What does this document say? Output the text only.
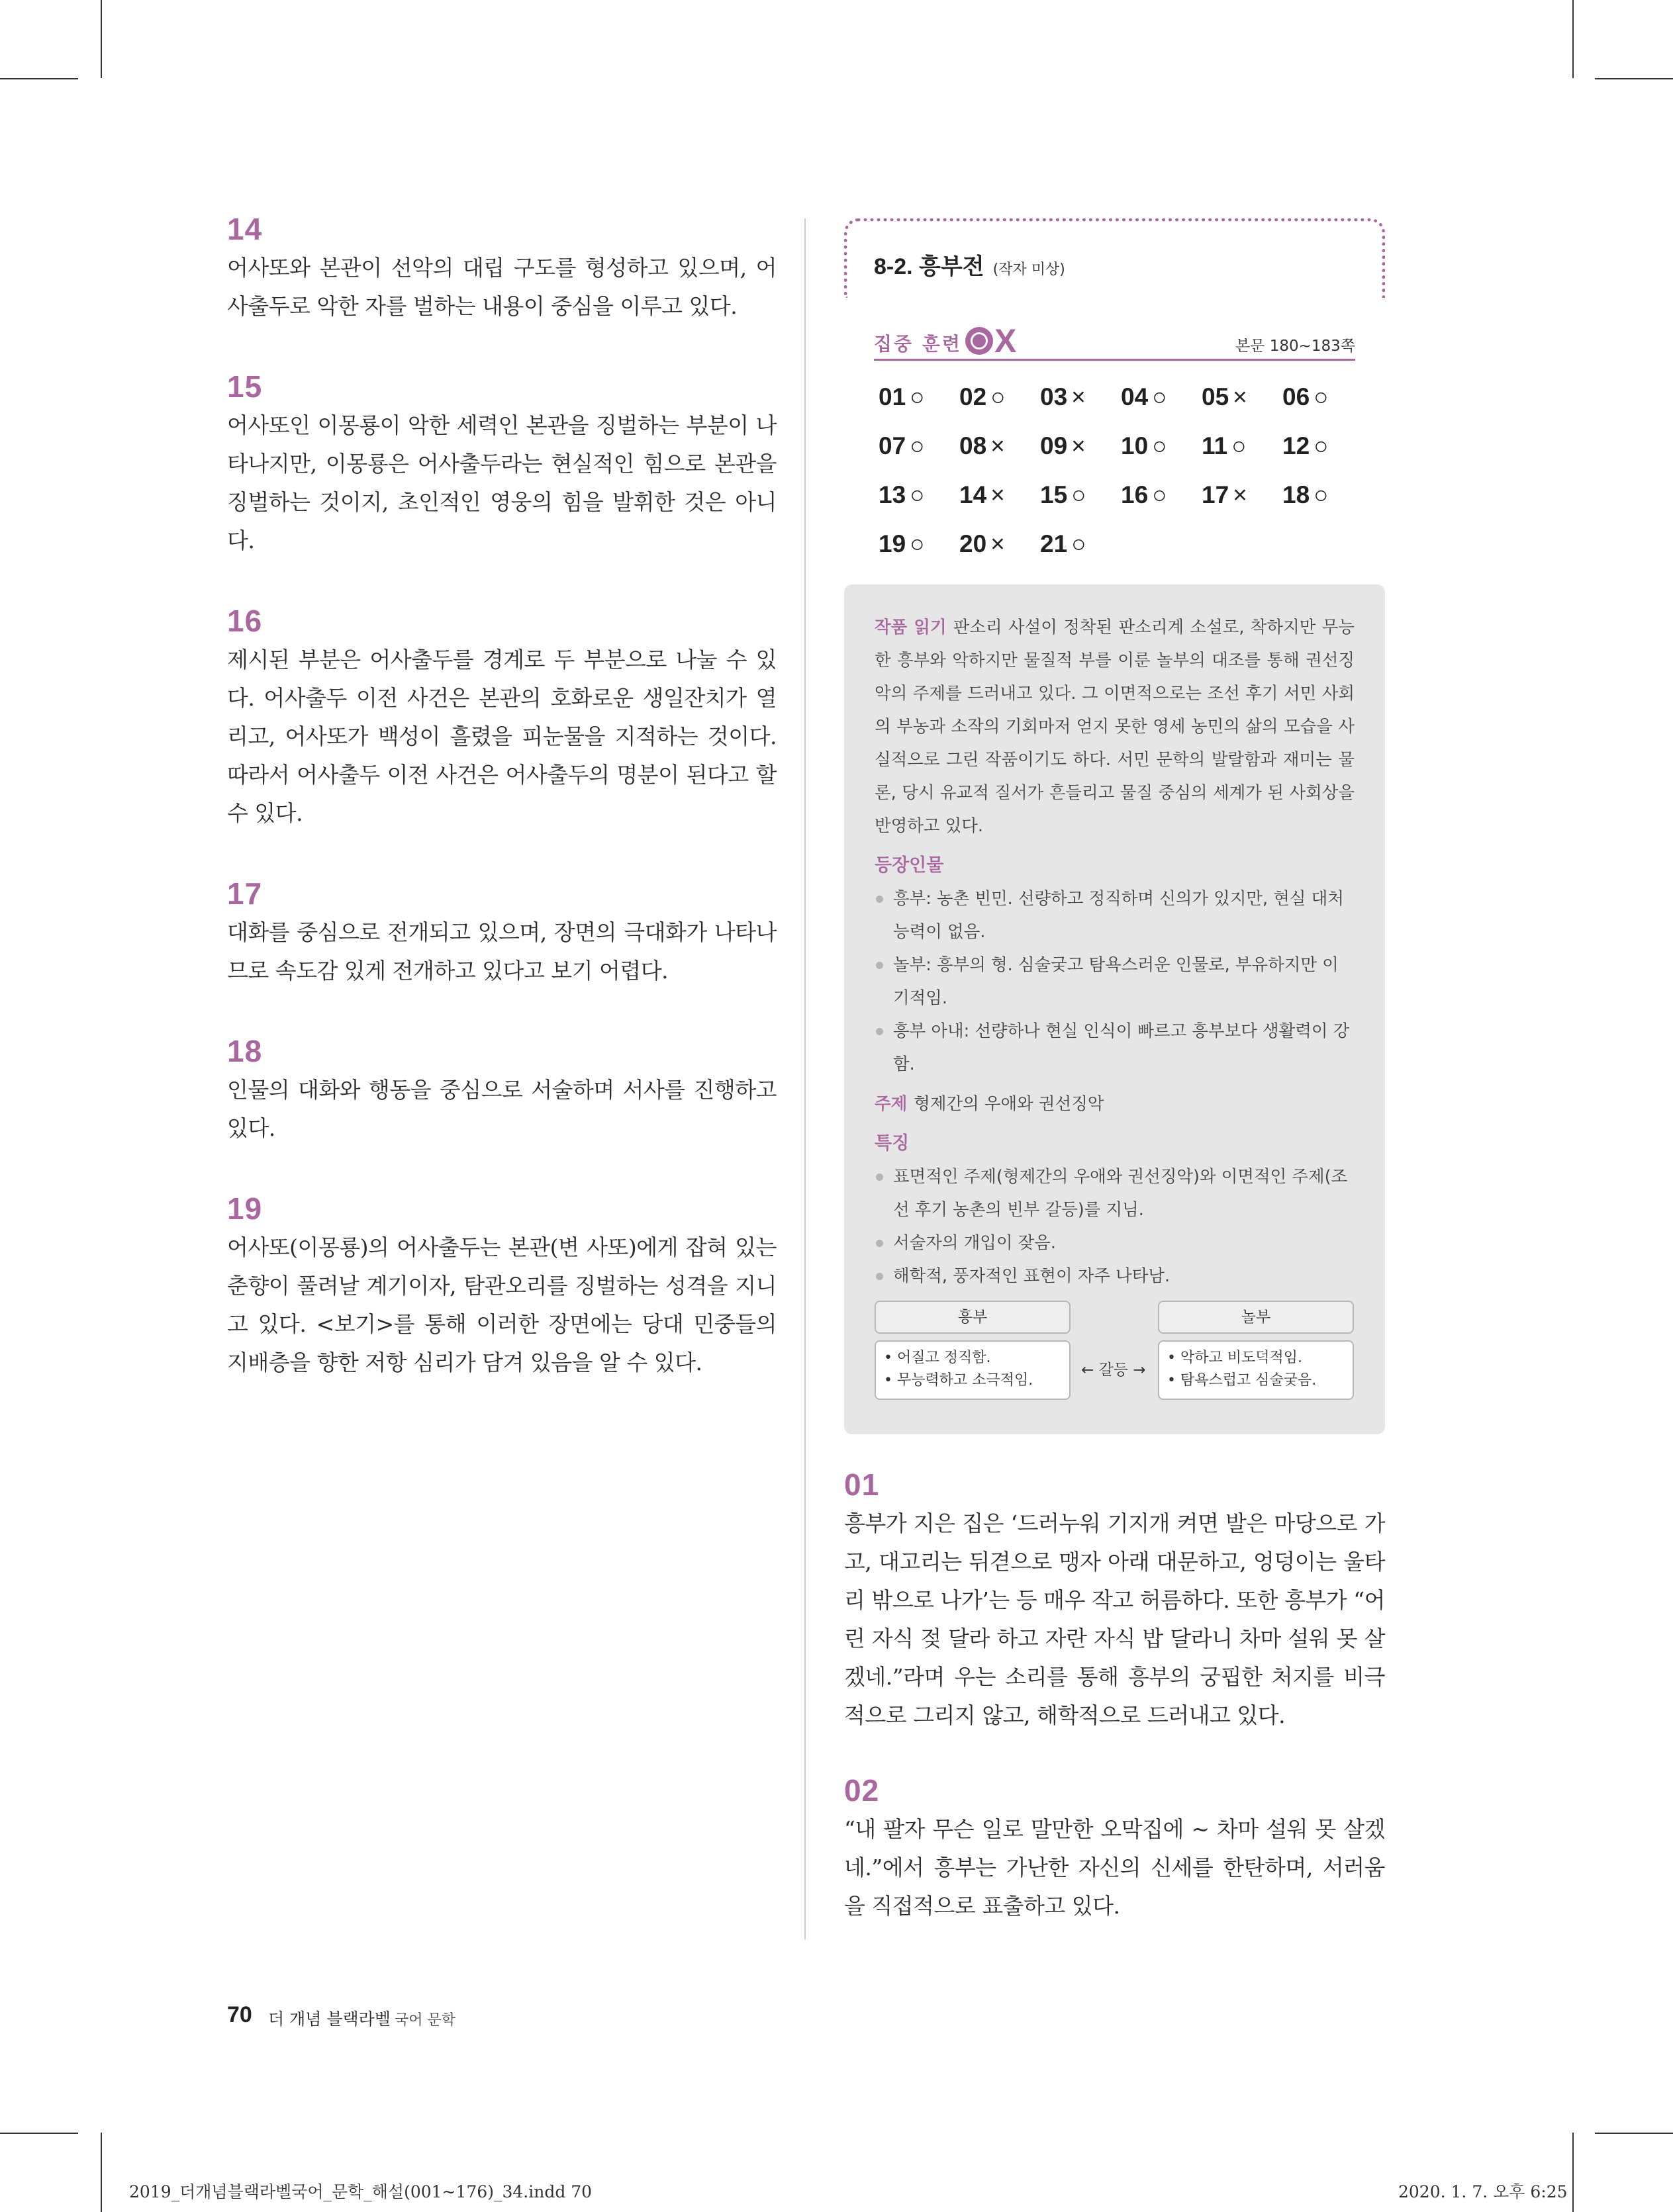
14

어사또와 본관이 선악의 대립 구도를 형성하고 있으며, 어사출두로 악한 자를 벌하는 내용이 중심을 이루고 있다.

15

어사또인 이몽룡이 악한 세력인 본관을 징벌하는 부분이 나타나지만, 이몽룡은 어사출두라는 현실적인 힘으로 본관을 징벌하는 것이지, 초인적인 영웅의 힘을 발휘한 것은 아니다.

16

제시된 부분은 어사출두를 경계로 두 부분으로 나눌 수 있다. 어사출두 이전 사건은 본관의 호화로운 생일잔치가 열리고, 어사또가 백성이 흘렸을 피눈물을 지적하는 것이다. 따라서 어사출두 이전 사건은 어사출두의 명분이 된다고 할 수 있다.

17

대화를 중심으로 전개되고 있으며, 장면의 극대화가 나타나므로 속도감 있게 전개하고 있다고 보기 어렵다.

18

인물의 대화와 행동을 중심으로 서술하며 서사를 진행하고 있다.

19

어사또(이몽룡)의 어사출두는 본관(변 사또)에게 잡혀 있는 춘향이 풀려날 계기이자, 탐관오리를 징벌하는 성격을 지니고 있다. <보기>를 통해 이러한 장면에는 당대 민중들의 지배층을 향한 저항 심리가 담겨 있음을 알 수 있다.

8-2. 흥부전 (작자 미상)
집중 훈련 X	본문 180~183쪽
01 ○	02 ○	03 ×	04 ○	05 ×	06 ○
07 ○	08 ×	09 ×	10 ○	11 ○	12 ○
13 ○	14 ×	15 ○	16 ○	17 ×	18 ○
19 ○	20 ×	21 ○

작품 읽기 판소리 사설이 정착된 판소리계 소설로, 착하지만 무능한 흥부와 악하지만 물질적 부를 이룬 놀부의 대조를 통해 권선징악의 주제를 드러내고 있다. 그 이면적으로는 조선 후기 서민 사회의 부농과 소작의 기회마저 얻지 못한 영세 농민의 삶의 모습을 사실적으로 그린 작품이기도 하다. 서민 문학의 발랄함과 재미는 물론, 당시 유교적 질서가 흔들리고 물질 중심의 세계가 된 사회상을 반영하고 있다.

등장인물

흥부: 농촌 빈민. 선량하고 정직하며 신의가 있지만, 현실 대처 능력이 없음.

놀부: 흥부의 형. 심술궂고 탐욕스러운 인물로, 부유하지만 이기적임.

흥부 아내: 선량하나 현실 인식이 빠르고 흥부보다 생활력이 강함.

주제 형제간의 우애와 권선징악

특징

표면적인 주제(형제간의 우애와 권선징악)와 이면적인 주제(조선 후기 농촌의 빈부 갈등)를 지님.

서술자의 개입이 잦음.

해학적, 풍자적인 표현이 자주 나타남.

흥부
• 어질고 정직함.
• 무능력하고 소극적임.
← 갈등 →
놀부
• 악하고 비도덕적임.
• 탐욕스럽고 심술궂음.

01

흥부가 지은 집은 ‘드러누워 기지개 켜면 발은 마당으로 가고, 대고리는 뒤겯으로 맹자 아래 대문하고, 엉덩이는 울타리 밖으로 나가’는 등 매우 작고 허름하다. 또한 흥부가 “어린 자식 젖 달라 하고 자란 자식 밥 달라니 차마 설워 못 살겠네.”라며 우는 소리를 통해 흥부의 궁핍한 처지를 비극적으로 그리지 않고, 해학적으로 드러내고 있다.

02

“내 팔자 무슨 일로 말만한 오막집에 ~ 차마 설워 못 살겠네.”에서 흥부는 가난한 자신의 신세를 한탄하며, 서러움을 직접적으로 표출하고 있다.

70 더 개념 블랙라벨 국어 문학
2019_더개념블랙라벨국어_문학_해설(001~176)_34.indd 70	2020. 1. 7. 오후 6:25
